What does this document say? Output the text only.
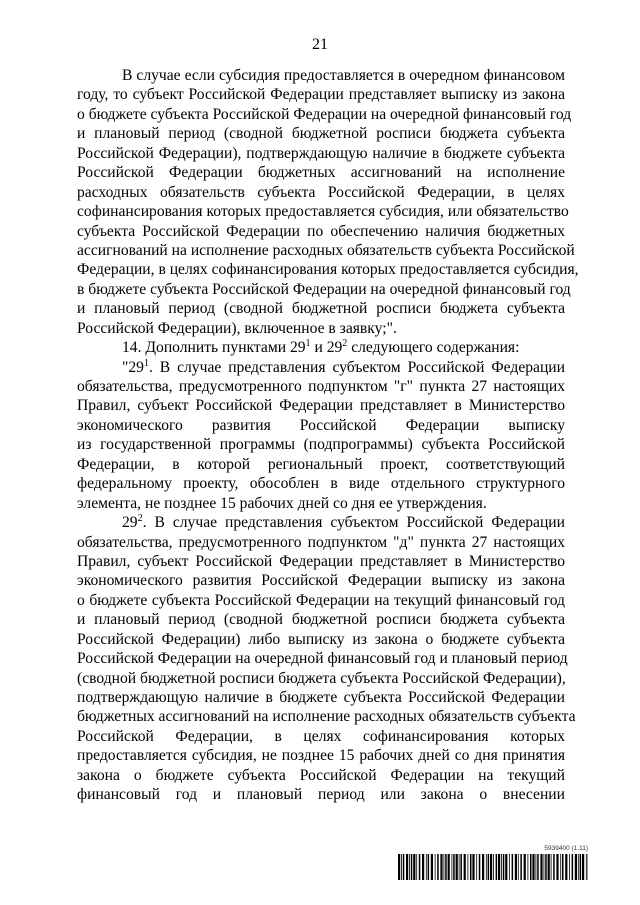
21
В случае если субсидия предоставляется в очередном финансовом
году, то субъект Российской Федерации представляет выписку из закона
о бюджете субъекта Российской Федерации на очередной финансовый год
и плановый период (сводной бюджетной росписи бюджета субъекта
Российской Федерации), подтверждающую наличие в бюджете субъекта
Российской Федерации бюджетных ассигнований на исполнение
расходных обязательств субъекта Российской Федерации, в целях
софинансирования которых предоставляется субсидия, или обязательство
субъекта Российской Федерации по обеспечению наличия бюджетных
ассигнований на исполнение расходных обязательств субъекта Российской
Федерации, в целях софинансирования которых предоставляется субсидия,
в бюджете субъекта Российской Федерации на очередной финансовый год
и плановый период (сводной бюджетной росписи бюджета субъекта
Российской Федерации), включенное в заявку;".
14. Дополнить пунктами $29^1$ и $29^2$ следующего содержания:
"$29^1$. В случае представления субъектом Российской Федерации
обязательства, предусмотренного подпунктом "г" пункта 27 настоящих
Правил, субъект Российской Федерации представляет в Министерство
экономического развития Российской Федерации выписку
из государственной программы (подпрограммы) субъекта Российской
Федерации, в которой региональный проект, соответствующий
федеральному проекту, обособлен в виде отдельного структурного
элемента, не позднее 15 рабочих дней со дня ее утверждения.
$29^2$. В случае представления субъектом Российской Федерации
обязательства, предусмотренного подпунктом "д" пункта 27 настоящих
Правил, субъект Российской Федерации представляет в Министерство
экономического развития Российской Федерации выписку из закона
о бюджете субъекта Российской Федерации на текущий финансовый год
и плановый период (сводной бюджетной росписи бюджета субъекта
Российской Федерации) либо выписку из закона о бюджете субъекта
Российской Федерации на очередной финансовый год и плановый период
(сводной бюджетной росписи бюджета субъекта Российской Федерации),
подтверждающую наличие в бюджете субъекта Российской Федерации
бюджетных ассигнований на исполнение расходных обязательств субъекта
Российской Федерации, в целях софинансирования которых
предоставляется субсидия, не позднее 15 рабочих дней со дня принятия
закона о бюджете субъекта Российской Федерации на текущий
финансовый год и плановый период или закона о внесении
5939400 (1.11)
